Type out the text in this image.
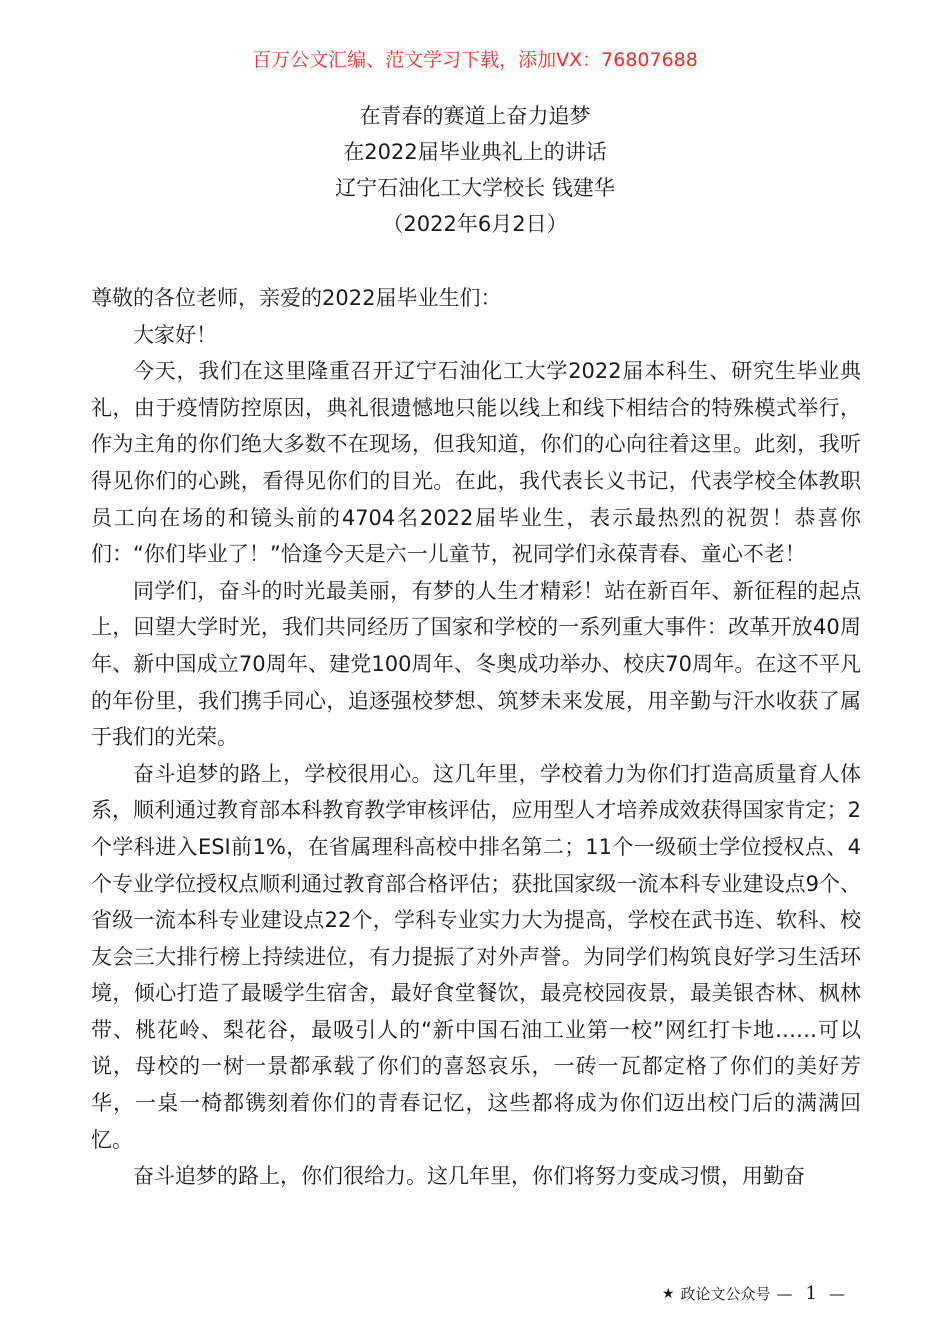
百万公文汇编、范文学习下载，添加VX：76807688
在青春的赛道上奋力追梦
在2022届毕业典礼上的讲话
辽宁石油化工大学校长 钱建华
（2022年6月2日）

尊敬的各位老师，亲爱的2022届毕业生们：

大家好！

今天，我们在这里隆重召开辽宁石油化工大学2022届本科生、研究生毕业典礼，由于疫情防控原因，典礼很遗憾地只能以线上和线下相结合的特殊模式举行，作为主角的你们绝大多数不在现场，但我知道，你们的心向往着这里。此刻，我听得见你们的心跳，看得见你们的目光。在此，我代表长义书记，代表学校全体教职员工向在场的和镜头前的4704名2022届毕业生，表示最热烈的祝贺！恭喜你们：“你们毕业了！”恰逢今天是六一儿童节，祝同学们永葆青春、童心不老！

同学们，奋斗的时光最美丽，有梦的人生才精彩！站在新百年、新征程的起点上，回望大学时光，我们共同经历了国家和学校的一系列重大事件：改革开放40周年、新中国成立70周年、建党100周年、冬奥成功举办、校庆70周年。在这不平凡的年份里，我们携手同心，追逐强校梦想、筑梦未来发展，用辛勤与汗水收获了属于我们的光荣。

奋斗追梦的路上，学校很用心。这几年里，学校着力为你们打造高质量育人体系，顺利通过教育部本科教育教学审核评估，应用型人才培养成效获得国家肯定；2个学科进入ESI前1%，在省属理科高校中排名第二；11个一级硕士学位授权点、4个专业学位授权点顺利通过教育部合格评估；获批国家级一流本科专业建设点9个、省级一流本科专业建设点22个，学科专业实力大为提高，学校在武书连、软科、校友会三大排行榜上持续进位，有力提振了对外声誉。为同学们构筑良好学习生活环境，倾心打造了最暖学生宿舍，最好食堂餐饮，最亮校园夜景，最美银杏林、枫林带、桃花岭、梨花谷，最吸引人的“新中国石油工业第一校”网红打卡地……可以说，母校的一树一景都承载了你们的喜怒哀乐，一砖一瓦都定格了你们的美好芳华，一桌一椅都镌刻着你们的青春记忆，这些都将成为你们迈出校门后的满满回忆。

奋斗追梦的路上，你们很给力。这几年里，你们将努力变成习惯，用勤奋

★ 政论文公众号 — 1 —
